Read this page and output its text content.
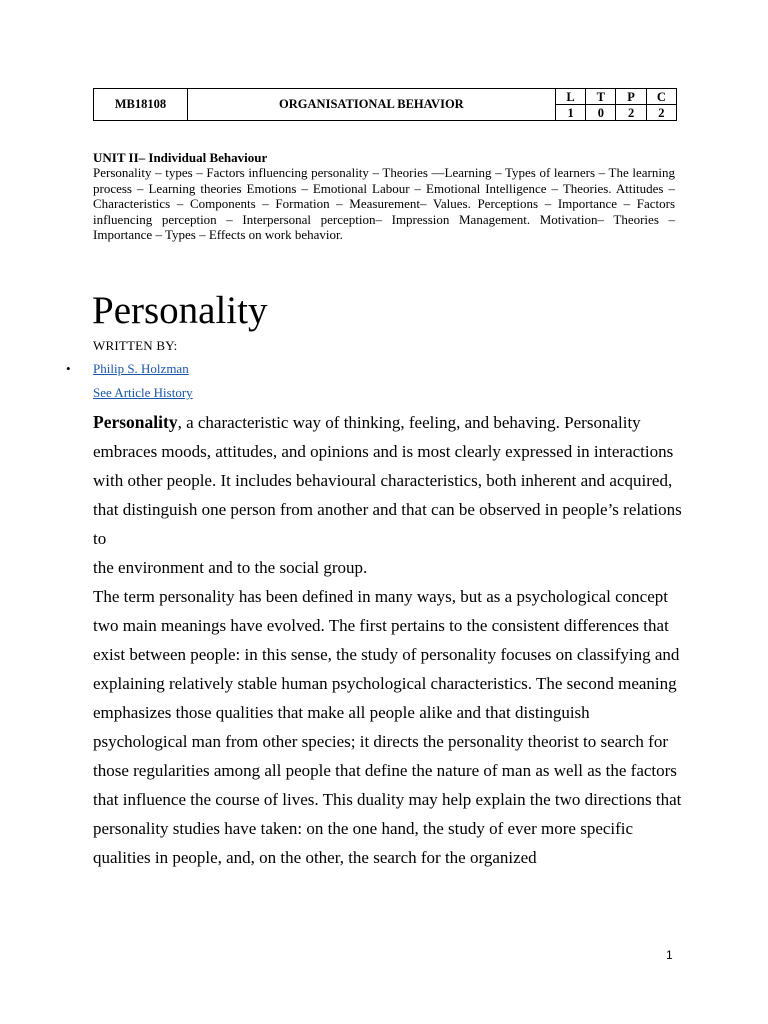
MB18108	ORGANISATIONAL BEHAVIOR	L	T	P	C
		1	0	2	2
UNIT II– Individual Behaviour
Personality – types – Factors influencing personality – Theories —Learning – Types of learners – The learning process – Learning theories Emotions – Emotional Labour – Emotional Intelligence – Theories. Attitudes – Characteristics – Components – Formation – Measurement– Values. Perceptions – Importance – Factors influencing perception – Interpersonal perception– Impression Management. Motivation– Theories – Importance – Types – Effects on work behavior.
Personality
WRITTEN BY:
• Philip S. Holzman
See Article History

Personality, a characteristic way of thinking, feeling, and behaving. Personality embraces moods, attitudes, and opinions and is most clearly expressed in interactions with other people. It includes behavioural characteristics, both inherent and acquired, that distinguish one person from another and that can be observed in people’s relations to
the environment and to the social group.

The term personality has been defined in many ways, but as a psychological concept two main meanings have evolved. The first pertains to the consistent differences that exist between people: in this sense, the study of personality focuses on classifying and explaining relatively stable human psychological characteristics. The second meaning emphasizes those qualities that make all people alike and that distinguish psychological man from other species; it directs the personality theorist to search for those regularities among all people that define the nature of man as well as the factors that influence the course of lives. This duality may help explain the two directions that personality studies have taken: on the one hand, the study of ever more specific qualities in people, and, on the other, the search for the organized

1
